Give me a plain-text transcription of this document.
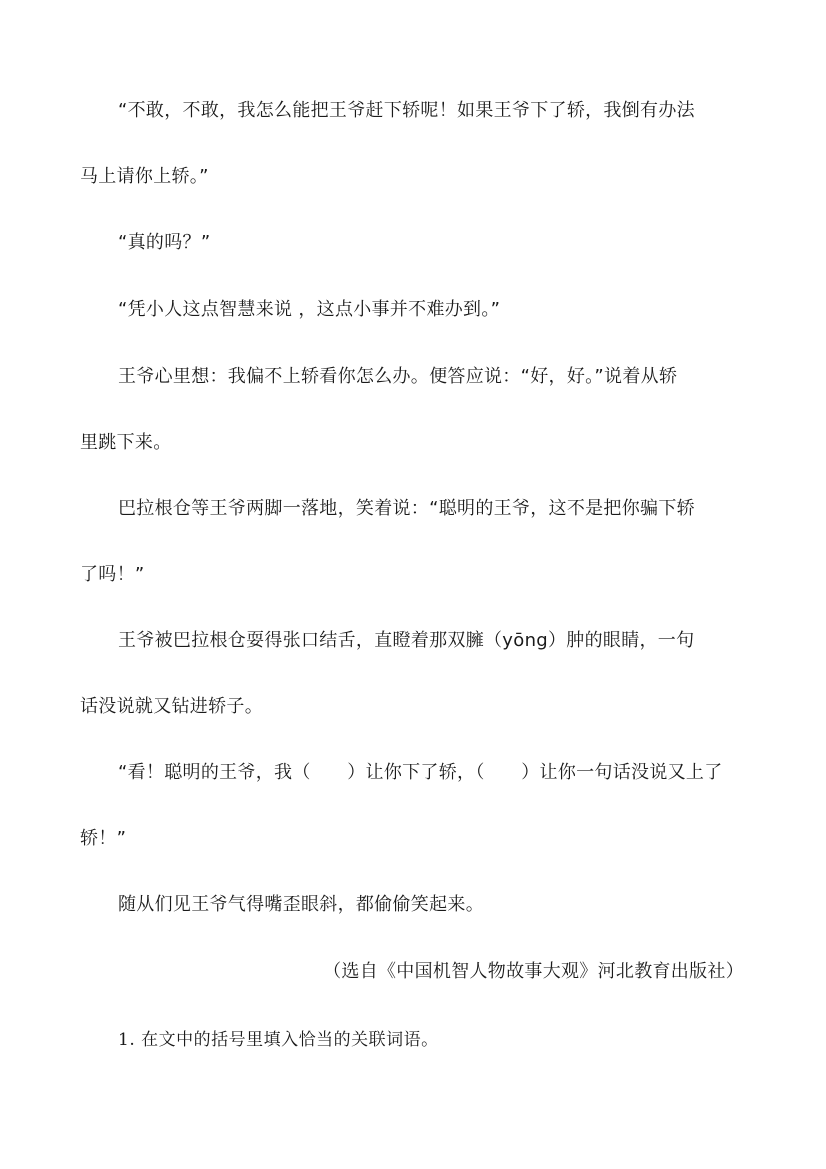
“不敢，不敢，我怎么能把王爷赶下轿呢！如果王爷下了轿，我倒有办法
马上请你上轿。”
“真的吗？”
“凭小人这点智慧来说 ，这点小事并不难办到。”
王爷心里想：我偏不上轿看你怎么办。便答应说：“好，好。”说着从轿
里跳下来。
巴拉根仓等王爷两脚一落地，笑着说：“聪明的王爷，这不是把你骗下轿
了吗！”
王爷被巴拉根仓耍得张口结舌，直瞪着那双臃（yōng）肿的眼睛，一句
话没说就又钻进轿子。
“看！聪明的王爷，我（　　）让你下了轿，（　　）让你一句话没说又上了
轿！”
随从们见王爷气得嘴歪眼斜，都偷偷笑起来。
（选自《中国机智人物故事大观》河北教育出版社）
1. 在文中的括号里填入恰当的关联词语。
